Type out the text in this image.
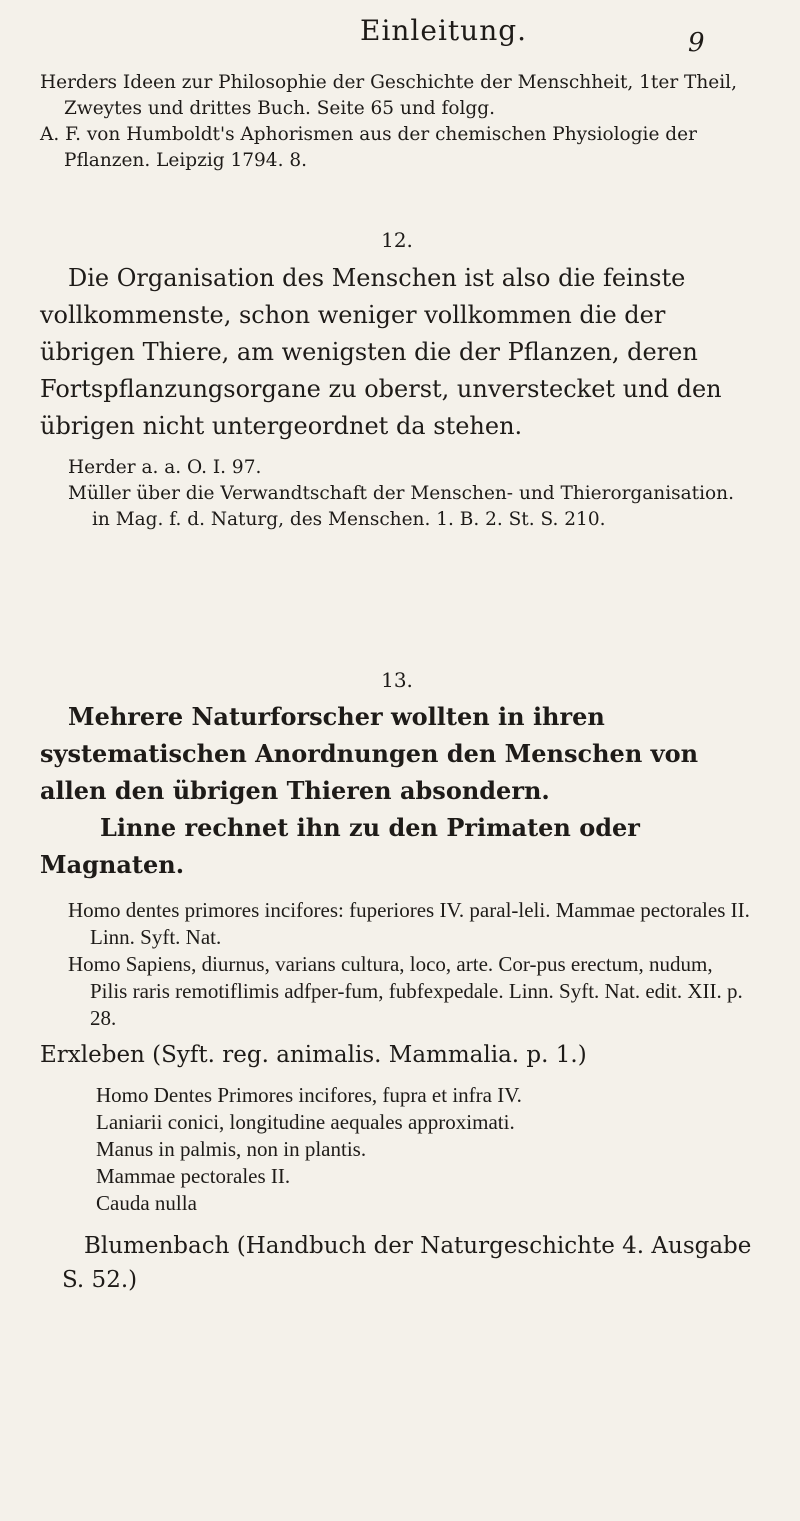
Einleitung.	9

Herders Ideen zur Philosophie der Geschichte der Menschheit, 1ter Theil, Zweytes und drittes Buch. Seite 65 und folgg.

A. F. von Humboldt's Aphorismen aus der chemischen Physiologie der Pflanzen. Leipzig 1794. 8.

12.

Die Organisation des Menschen ist also die feinste vollkommenste, schon weniger vollkommen die der übrigen Thiere, am wenigsten die der Pflanzen, deren Fortspflanzungsorgane zu oberst, unverstecket und den übrigen nicht untergeordnet da stehen.

Herder a. a. O. I. 97.

Müller über die Verwandtschaft der Menschen- und Thierorganisation. in Mag. f. d. Naturg, des Menschen. 1. B. 2. St. S. 210.

13.

Mehrere Naturforscher wollten in ihren systematischen Anordnungen den Menschen von allen den übrigen Thieren absondern.

Linne rechnet ihn zu den Primaten oder Magnaten.

Homo dentes primores incifores: fuperiores IV. paral-leli. Mammae pectorales II. Linn. Syft. Nat.

Homo Sapiens, diurnus, varians cultura, loco, arte. Cor-pus erectum, nudum, Pilis raris remotiflimis adfper-fum, fubfexpedale. Linn. Syft. Nat. edit. XII. p. 28.

Erxleben (Syft. reg. animalis. Mammalia. p. 1.)

Homo Dentes Primores incifores, fupra et infra IV.

Laniarii conici, longitudine aequales approximati.

Manus in palmis, non in plantis.

Mammae pectorales II.

Cauda nulla

Blumenbach (Handbuch der Naturgeschichte 4. Ausgabe S. 52.)
